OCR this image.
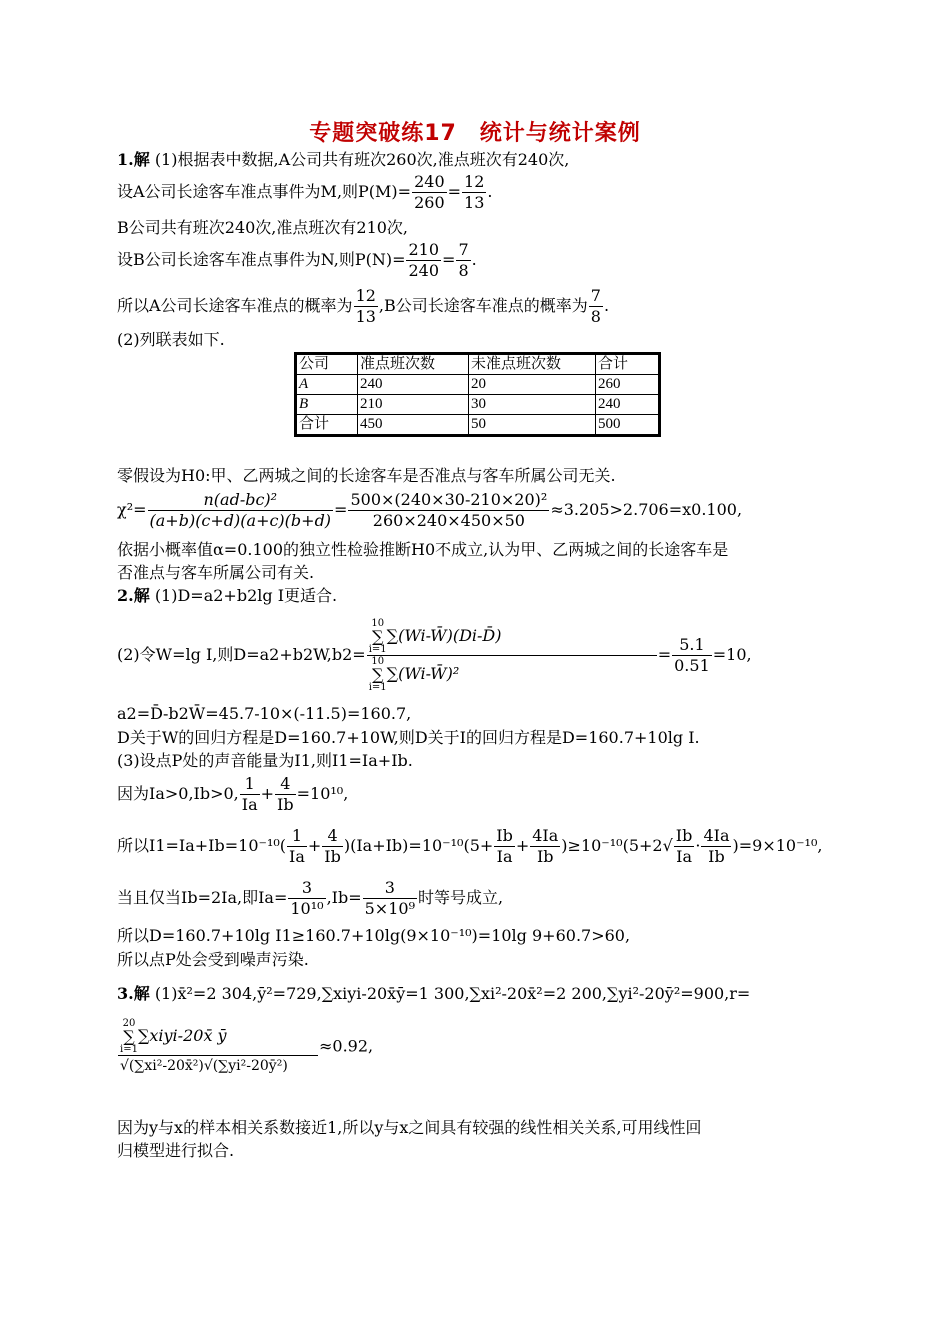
专题突破练17　统计与统计案例
1.解 (1)根据表中数据,A公司共有班次260次,准点班次有240次,
设A公司长途客车准点事件为M,则$P(M)= \frac{240}{260} = \frac{12}{13}$ .
B公司共有班次240次,准点班次有210次,
设B公司长途客车准点事件为N,则$P(N)= \frac{210}{240} = \frac{7}{8}$ .
所以A公司长途客车准点的概率为 $\frac{12}{13} ,B$公司长途客车准点的概率为 $\frac{7}{8}$ .
(2)列联表如下.
公司	准点班次数	未准点班次数	合计
A	240	20	260
B	210	30	240
合计	450	50	500
零假设为H0:甲、乙两城之间的长途客车是否准点与客车所属公司无关.
$\chi^2= \frac{\text{n(ad-bc)²}}{(a+b)(c+d)(a+c)(b+d)} = \frac{\text{500×(240×30-210×20)²}}{260\times 240\times 450\times 50} \approx 3.205>2.706=x0.100$,
依据小概率值α=0.100的独立性检验推断H0不成立,认为甲、乙两城之间的长途客车是
否准点与客车所属公司有关.
2.解 (1)D=a2+b2lg I更适合.
(2)令W=lg I,则D=a2+b2W,b2= 10
∑
i=1∑(Wi-W̄)(Di-D̄)
10
∑
i=1∑(Wi-W̄)² = $\frac{5.1}{0.51} =10$,
a2=D̄-b2W̄=45.7-10×(-11.5)=160.7,
D关于W的回归方程是D=160.7+10W,则D关于I的回归方程是D=160.7+10lg I.
(3)设点P处的声音能量为I1,则I1=Ia+Ib.
因为Ia>0,Ib>0, $\frac{1}{Ia} + \frac{4}{Ib} =10^{10}$,
所以$I1=Ia+Ib=10^{-10}( \frac{1}{Ia} + \frac{4}{Ib} )(Ia+Ib)=10^{-10}(5+ \frac{Ib}{Ia} + \frac{4Ia}{Ib} )\ge 10^{-10}(5+2√ \frac{Ib}{Ia} \cdot \frac{4Ia}{Ib} )=9\times 10^{-10}$,
当且仅当Ib=2Ia,即$Ia= \frac{3}{\text{10¹⁰}} ,Ib= \frac{3}{\text{5×10⁹}}$ 时等号成立,
所以D=160.7+10lg I1≥160.7+10lg(9×10⁻¹⁰)=10lg 9+60.7>60,
所以点P处会受到噪声污染.
3.解 (1)x̄²=2 304,ȳ²=729,∑xiyi-20x̄ȳ=1 300,∑xi²-20x̄²=2 200,∑yi²-20ȳ²=900,r=
20
∑
i=1∑xiyi-20x̄ ȳ
√(∑xi²-20x̄²)√(∑yi²-20ȳ²) ≈0.92,
因为y与x的样本相关系数接近1,所以y与x之间具有较强的线性相关关系,可用线性回
归模型进行拟合.
